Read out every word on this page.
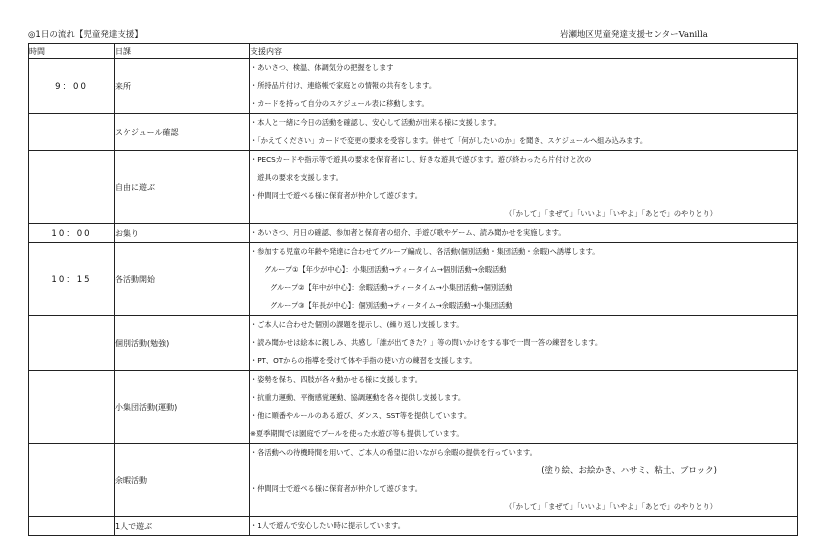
◎1日の流れ【児童発達支援】	岩瀬地区児童発達支援センターVanilla
時間	日課	支援内容
9：00	来所	・あいさつ、検温、体調気分の把握をします
・所持品片付け、連絡帳で家庭との情報の共有をします。
・カードを持って自分のスケジュール表に移動します。

	スケジュール確認	・本人と一緒に今日の活動を確認し、安心して活動が出来る様に支援します。
・「かえてください」カードで変更の要求を受容します。併せて「何がしたいのか」を聞き、スケジュールへ組み込みます。

	自由に遊ぶ	・PECSカードや指示等で遊具の要求を保育者にし、好きな遊具で遊びます。遊び終わったら片付けと次の
　遊具の要求を支援します。
・仲間同士で遊べる様に保育者が仲介して遊びます。
（「かして」「まぜて」「いいよ」「いやよ」「あとで」のやりとり）

10：00	お集り	・あいさつ、月日の確認、参加者と保育者の紹介、手遊び歌やゲーム、読み聞かせを実施します。

10：15	各活動開始	・参加する児童の年齢や発達に合わせてグループ編成し、各活動(個別活動・集団活動・余暇)へ誘導します。
グループ①【年少が中心】：小集団活動→ティータイム→個別活動→余暇活動
グループ②【年中が中心】：余暇活動→ティータイム→小集団活動→個別活動
グループ③【年長が中心】：個別活動→ティータイム→余暇活動→小集団活動

	個別活動(勉強)	・ご本人に合わせた個別の課題を提示し、(繰り返し)支援します。
・読み聞かせは絵本に親しみ、共感し「誰が出てきた？」等の問いかけをする事で一問一答の練習をします。
・PT、OTからの指導を受けて体や手指の使い方の練習を支援します。

	小集団活動(運動)	・姿勢を保ち、四肢が各々動かせる様に支援します。
・抗重力運動、平衡感覚運動、協調運動を各々提供し支援します。
・他に順番やルールのある遊び、ダンス、SST等を提供しています。
※夏季期間では園庭でプールを使った水遊び等も提供しています。

	余暇活動	・各活動への待機時間を用いて、ご本人の希望に沿いながら余暇の提供を行っています。
(塗り絵、お絵かき、ハサミ、粘土、ブロック)
・仲間同士で遊べる様に保育者が仲介して遊びます。
（「かして」「まぜて」「いいよ」「いやよ」「あとで」のやりとり）

	1人で遊ぶ	・1人で遊んで安心したい時に提示しています。
